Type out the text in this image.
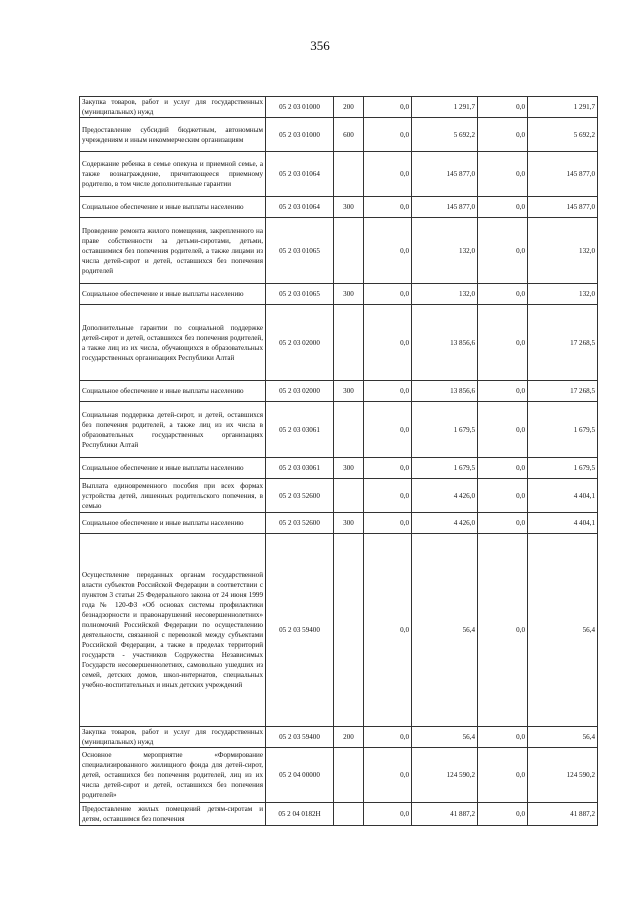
356
Закупка товаров, работ и услуг для государственных (муниципальных) нужд	05 2 03 01000	200	0,0	1 291,7	0,0	1 291,7
Предоставление субсидий бюджетным, автономным учреждениям и иным некоммерческим организациям	05 2 03 01000	600	0,0	5 692,2	0,0	5 692,2
Содержание ребенка в семье опекуна и приемной семье, а также вознаграждение, причитающееся приемному родителю, в том числе дополнительные гарантии	05 2 03 01064		0,0	145 877,0	0,0	145 877,0
Социальное обеспечение и иные выплаты населению	05 2 03 01064	300	0,0	145 877,0	0,0	145 877,0
Проведение ремонта жилого помещения, закрепленного на праве собственности за детьми-сиротами, детьми, оставшимися без попечения родителей, а также лицами из числа детей-сирот и детей, оставшихся без попечения родителей	05 2 03 01065		0,0	132,0	0,0	132,0
Социальное обеспечение и иные выплаты населению	05 2 03 01065	300	0,0	132,0	0,0	132,0
Дополнительные гарантии по социальной поддержке детей-сирот и детей, оставшихся без попечения родителей, а также лиц из их числа, обучающихся в образовательных государственных организациях Республики Алтай	05 2 03 02000		0,0	13 856,6	0,0	17 268,5
Социальное обеспечение и иные выплаты населению	05 2 03 02000	300	0,0	13 856,6	0,0	17 268,5
Социальная поддержка детей-сирот, и детей, оставшихся без попечения родителей, а также лиц из их числа в образовательных государственных организациях Республики Алтай	05 2 03 03061		0,0	1 679,5	0,0	1 679,5
Социальное обеспечение и иные выплаты населению	05 2 03 03061	300	0,0	1 679,5	0,0	1 679,5
Выплата единовременного пособия при всех формах устройства детей, лишенных родительского попечения, в семью	05 2 03 52600		0,0	4 426,0	0,0	4 404,1
Социальное обеспечение и иные выплаты населению	05 2 03 52600	300	0,0	4 426,0	0,0	4 404,1
Осуществление переданных органам государственной власти субъектов Российской Федерации в соответствии с пунктом 3 статьи 25 Федерального закона от 24 июня 1999 года № 120-ФЗ «Об основах системы профилактики безнадзорности и правонарушений несовершеннолетних» полномочий Российской Федерации по осуществлению деятельности, связанной с перевозкой между субъектами Российской Федерации, а также в пределах территорий государств - участников Содружества Независимых Государств несовершеннолетних, самовольно ушедших из семей, детских домов, школ-интернатов, специальных учебно-воспитательных и иных детских учреждений	05 2 03 59400		0,0	56,4	0,0	56,4
Закупка товаров, работ и услуг для государственных (муниципальных) нужд	05 2 03 59400	200	0,0	56,4	0,0	56,4
Основное мероприятие «Формирование специализированного жилищного фонда для детей-сирот, детей, оставшихся без попечения родителей, лиц из их числа детей-сирот и детей, оставшихся без попечения родителей»	05 2 04 00000		0,0	124 590,2	0,0	124 590,2
Предоставление жилых помещений детям-сиротам и детям, оставшимся без попечения	05 2 04 0182Н		0,0	41 887,2	0,0	41 887,2
